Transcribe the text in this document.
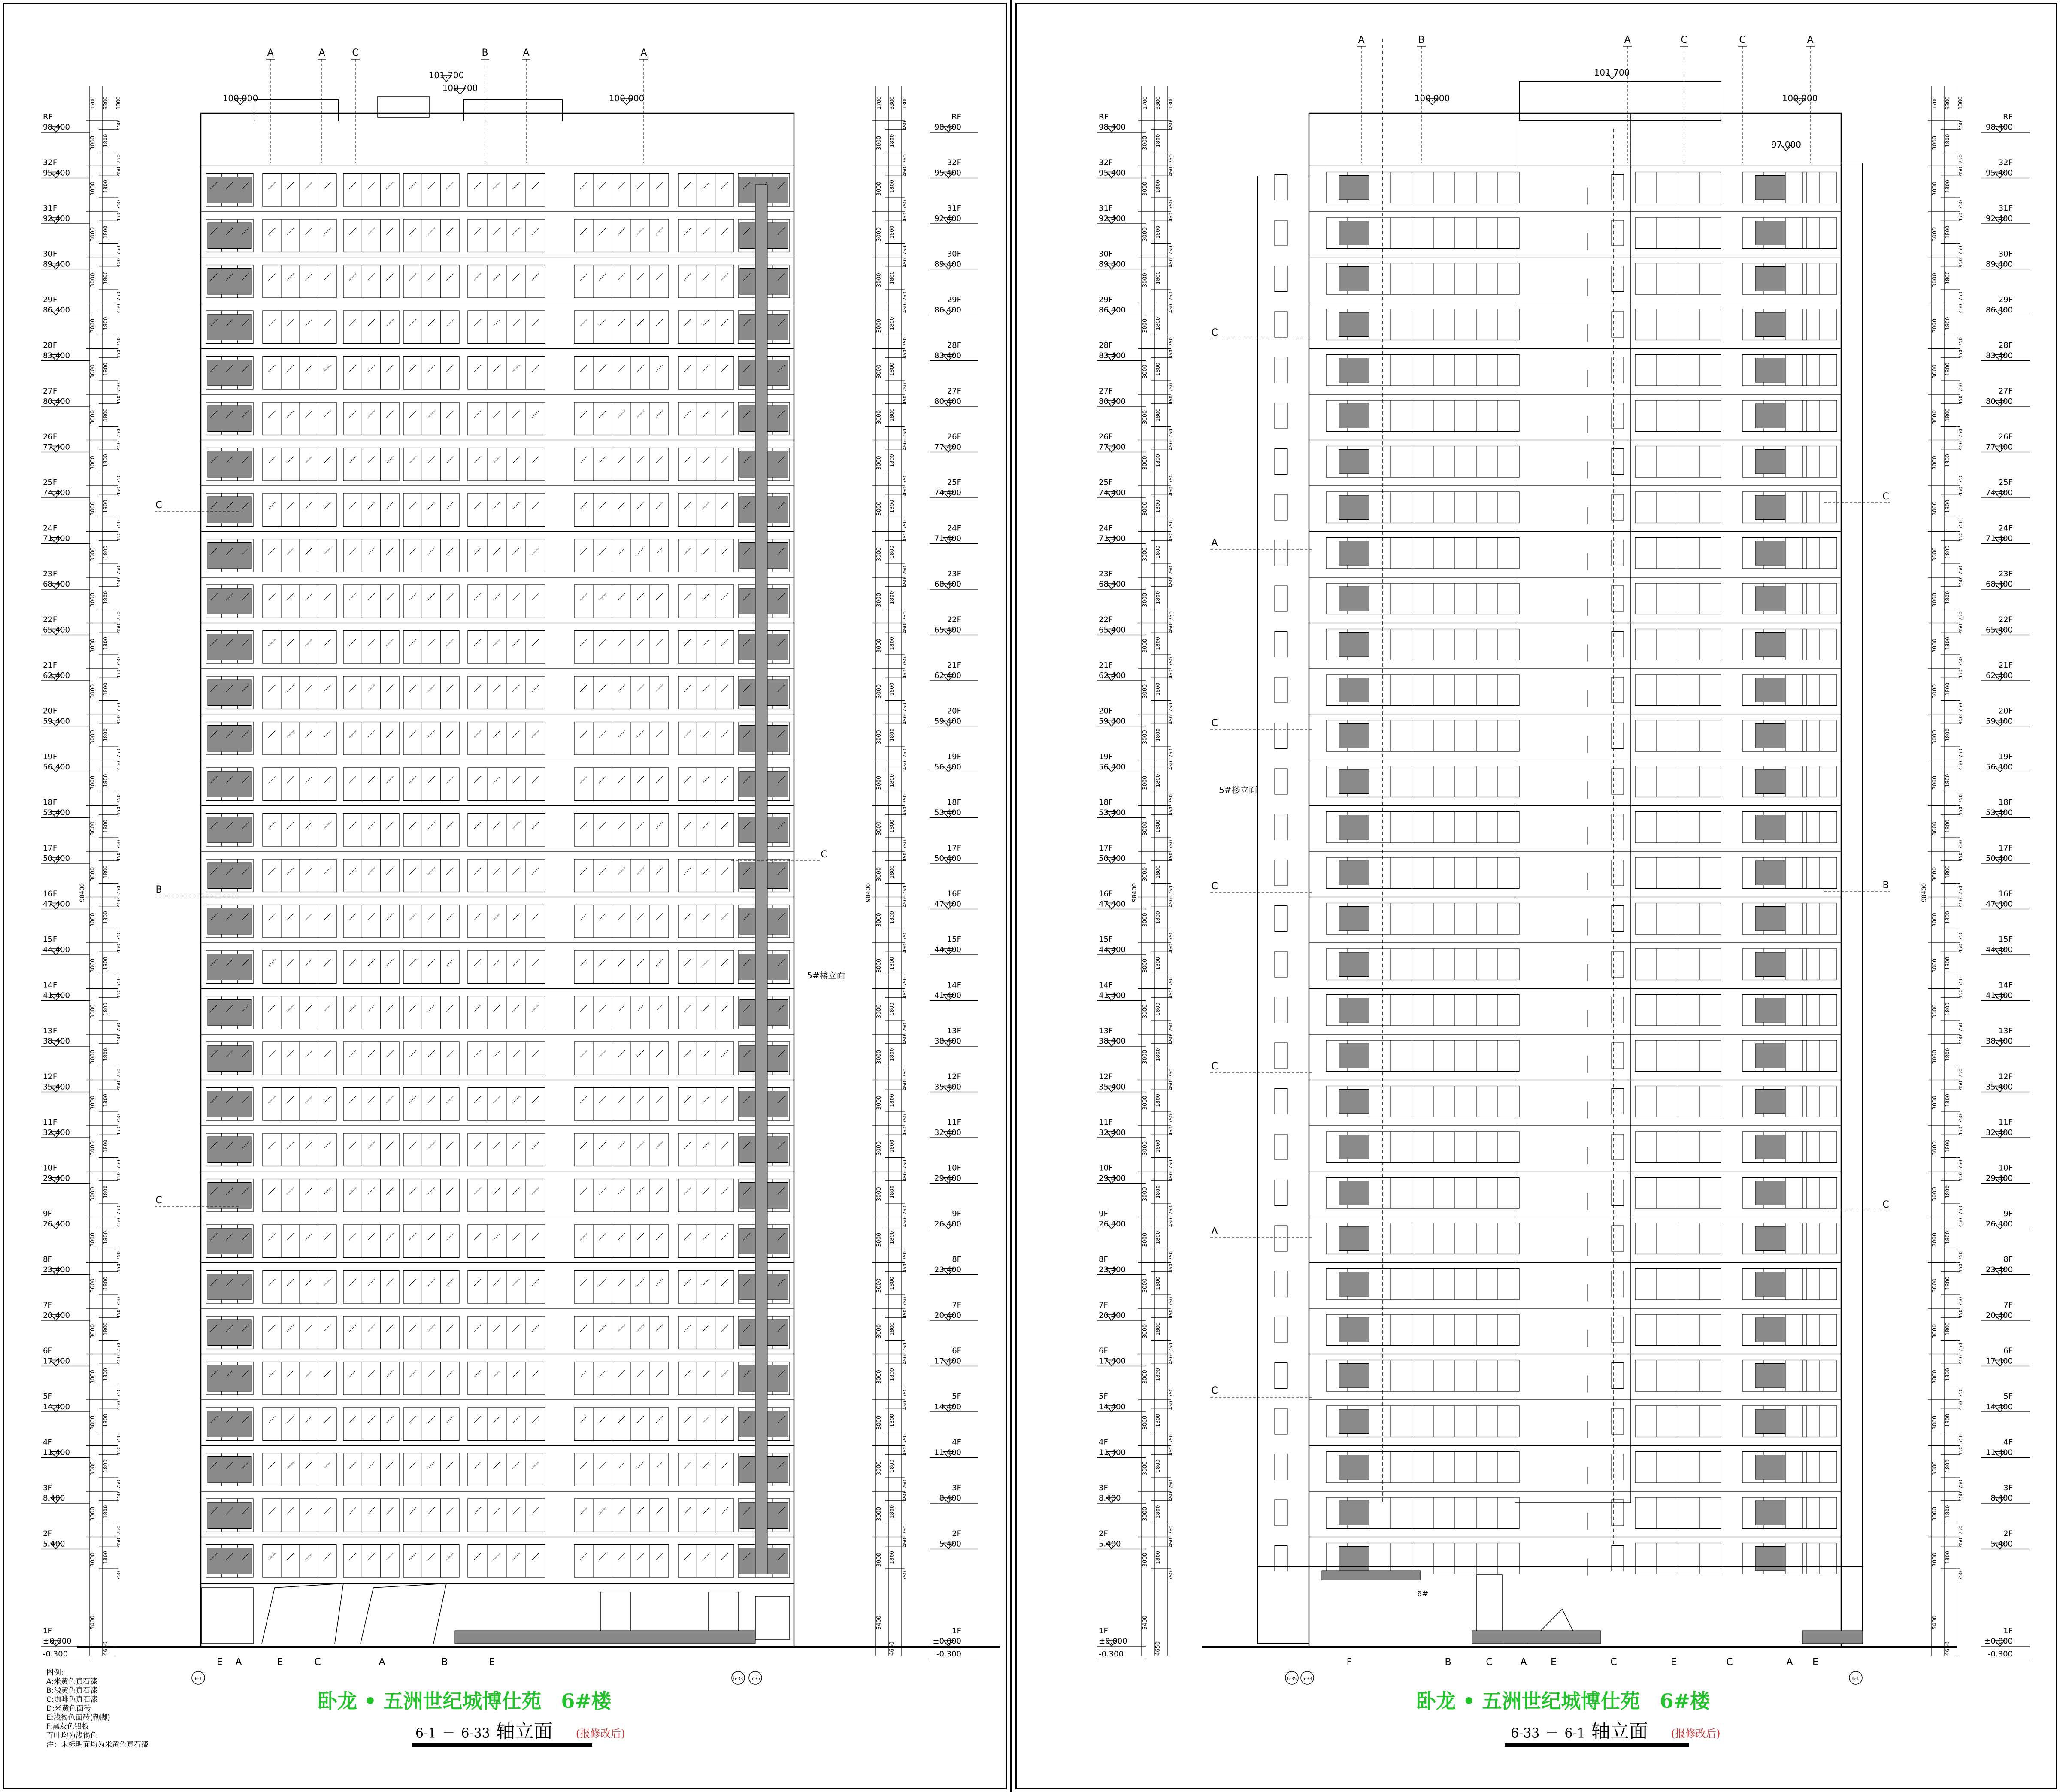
100.000
101.700
100.700
100.000
A	A	C	B	A	A
C
B
C
C
5#楼立面
E A	E	C	A	B	E
6-1	6-33 6-35
6#
101.700
100.000	100.000
97.000
A	B	A	C	C	A
C
A
C
C
C
A
C
C
B
C
5#楼立面
F	B	C	A	E	C	E	C	A E
6-35 6-33	6-1
RF
98.400
32F
95.400
31F
92.400
30F
89.400
29F
86.400
28F
83.400
27F
80.400
26F
77.400
25F
74.400
24F
71.400
23F
68.400
22F
65.400
21F
62.400
20F
59.400
19F
56.400
18F
53.400
17F
50.400
16F
47.400
15F
44.400
14F
41.400
13F
38.400
12F
35.400
11F
32.400
10F
29.400
9F
26.400
8F
23.400
7F
20.400
6F
17.400
5F
14.400
4F
11.400
3F
8.400
2F
5.400
1F
±0.000
-0.300
3000 1800
450
750
3000 1800
450
750
3000 1800
450
750
3000 1800
450
750
3000 1800
450
750
3000 1800
450
750
3000 1800
450
750
3000 1800
450
750
3000 1800
450
750
3000 1800
450
750
3000 1800
450
750
3000 1800
450
750
3000 1800
450
750
3000 1800
450
750
3000 1800
450
750
3000 1800
450
750
3000 1800
450
750
3000 1800
450
750
3000 1800
450
750
3000 1800
450
750
3000 1800
450
750
3000 1800
450
750
3000 1800
450
750
3000 1800
450
750
3000 1800
450
750
3000 1800
450
750
3000 1800
450
750
3000 1800
450
750
3000 1800
450
750
3000 1800
450
750
3000 1800
450
750
3000 1800
450
750
5400
4650
98400
1700 3300 1300
3000 1800
450
750
3000 1800
450
750
3000 1800
450
750
3000 1800
450
750
3000 1800
450
750
3000 1800
450
750
3000 1800
450
750
3000 1800
450
750
3000 1800
450
750
3000 1800
450
750
3000 1800
450
750
3000 1800
450
750
3000 1800
450
750
3000 1800
450
750
3000 1800
450
750
3000 1800
450
750
3000 1800
450
750
3000 1800
450
750
3000 1800
450
750
3000 1800
450
750
3000 1800
450
750
3000 1800
450
750
3000 1800
450
750
3000 1800
450
750
3000 1800
450
750
3000 1800
450
750
3000 1800
450
750
3000 1800
450
750
3000 1800
450
750
3000 1800
450
750
3000 1800
450
750
3000 1800
450
750
5400
4650
98400
1700 3300 1300
RF
98.400
32F
95.400
31F
92.400
30F
89.400
29F
86.400
28F
83.400
27F
80.400
26F
77.400
25F
74.400
24F
71.400
23F
68.400
22F
65.400
21F
62.400
20F
59.400
19F
56.400
18F
53.400
17F
50.400
16F
47.400
15F
44.400
14F
41.400
13F
38.400
12F
35.400
11F
32.400
10F
29.400
9F
26.400
8F
23.400
7F
20.400
6F
17.400
5F
14.400
4F
11.400
3F
8.400
2F
5.400
1F
±0.000
-0.300
RF
98.400
32F
95.400
31F
92.400
30F
89.400
29F
86.400
28F
83.400
27F
80.400
26F
77.400
25F
74.400
24F
71.400
23F
68.400
22F
65.400
21F
62.400
20F
59.400
19F
56.400
18F
53.400
17F
50.400
16F
47.400
15F
44.400
14F
41.400
13F
38.400
12F
35.400
11F
32.400
10F
29.400
9F
26.400
8F
23.400
7F
20.400
6F
17.400
5F
14.400
4F
11.400
3F
8.400
2F
5.400
1F
±0.000
-0.300
3000 1800
450
750
3000 1800
450
750
3000 1800
450
750
3000 1800
450
750
3000 1800
450
750
3000 1800
450
750
3000 1800
450
750
3000 1800
450
750
3000 1800
450
750
3000 1800
450
750
3000 1800
450
750
3000 1800
450
750
3000 1800
450
750
3000 1800
450
750
3000 1800
450
750
3000 1800
450
750
3000 1800
450
750
3000 1800
450
750
3000 1800
450
750
3000 1800
450
750
3000 1800
450
750
3000 1800
450
750
3000 1800
450
750
3000 1800
450
750
3000 1800
450
750
3000 1800
450
750
3000 1800
450
750
3000 1800
450
750
3000 1800
450
750
3000 1800
450
750
3000 1800
450
750
3000 1800
450
750
5400
4650
98400
1700 3300 1300
3000 1800
450
750
3000 1800
450
750
3000 1800
450
750
3000 1800
450
750
3000 1800
450
750
3000 1800
450
750
3000 1800
450
750
3000 1800
450
750
3000 1800
450
750
3000 1800
450
750
3000 1800
450
750
3000 1800
450
750
3000 1800
450
750
3000 1800
450
750
3000 1800
450
750
3000 1800
450
750
3000 1800
450
750
3000 1800
450
750
3000 1800
450
750
3000 1800
450
750
3000 1800
450
750
3000 1800
450
750
3000 1800
450
750
3000 1800
450
750
3000 1800
450
750
3000 1800
450
750
3000 1800
450
750
3000 1800
450
750
3000 1800
450
750
3000 1800
450
750
3000 1800
450
750
3000 1800
450
750
5400
4650
98400
1700 3300 1300
RF
98.400
32F
95.400
31F
92.400
30F
89.400
29F
86.400
28F
83.400
27F
80.400
26F
77.400
25F
74.400
24F
71.400
23F
68.400
22F
65.400
21F
62.400
20F
59.400
19F
56.400
18F
53.400
17F
50.400
16F
47.400
15F
44.400
14F
41.400
13F
38.400
12F
35.400
11F
32.400
10F
29.400
9F
26.400
8F
23.400
7F
20.400
6F
17.400
5F
14.400
4F
11.400
3F
8.400
2F
5.400
1F
±0.000
-0.300
卧龙 • 五洲世纪城博仕苑　6#楼
6-1 － 6-33 轴立面 (报修改后)
图例:
A:米黄色真石漆
B:浅黄色真石漆
C:咖啡色真石漆
D:米黄色面砖
E:浅褐色面砖(勒脚)
F:黑灰色铝板
百叶均为浅褐色
注：未标明面均为米黄色真石漆
卧龙 • 五洲世纪城博仕苑　6#楼
6-33 － 6-1 轴立面 (报修改后)
